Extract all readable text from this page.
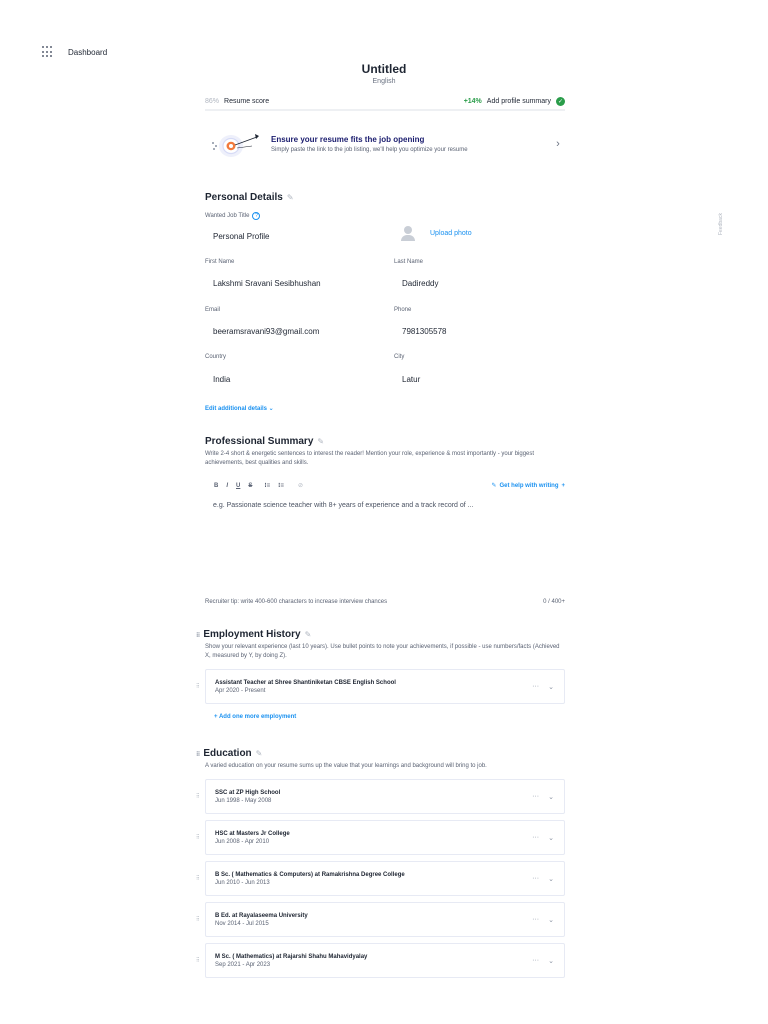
Dashboard
Untitled
English
86% Resume score	+14% Add profile summary	✓
Ensure your resume fits the job opening
Simply paste the link to the job listing, we'll help you optimize your resume	›
Personal Details ✎
Wanted Job Title	?
Personal Profile	Upload photo
First Name
Lakshmi Sravani Sesibhushan
Last Name
Dadireddy
Email
beeramsravani93@gmail.com
Phone
7981305578
Country
India
City
Latur
Edit additional details ⌄
Professional Summary ✎
Write 2-4 short & energetic sentences to interest the reader! Mention your role, experience & most importantly - your biggest achievements, best qualities and skills.
B I U S ⁝≡ ⁝≡ ⊘	✎ Get help with writing +
e.g. Passionate science teacher with 8+ years of experience and a track record of ...
Recruiter tip: write 400-600 characters to increase interview chances	0 / 400+
⁝⁝ Employment History ✎
Show your relevant experience (last 10 years). Use bullet points to note your achievements, if possible - use numbers/facts (Achieved X, measured by Y, by doing Z).
⁝⁝
Assistant Teacher at Shree Shantiniketan CBSE English School
Apr 2020 - Present
··· ⌄
+ Add one more employment
⁝⁝ Education ✎
A varied education on your resume sums up the value that your learnings and background will bring to job.
⁝⁝
SSC at ZP High School
Jun 1998 - May 2008
··· ⌄
⁝⁝
HSC at Masters Jr College
Jun 2008 - Apr 2010
··· ⌄
⁝⁝
B Sc. ( Mathematics & Computers) at Ramakrishna Degree College
Jun 2010 - Jun 2013
··· ⌄
⁝⁝
B Ed. at Rayalaseema University
Nov 2014 - Jul 2015
··· ⌄
⁝⁝
M Sc. ( Mathematics) at Rajarshi Shahu Mahavidyalay
Sep 2021 - Apr 2023
··· ⌄
Feedback
